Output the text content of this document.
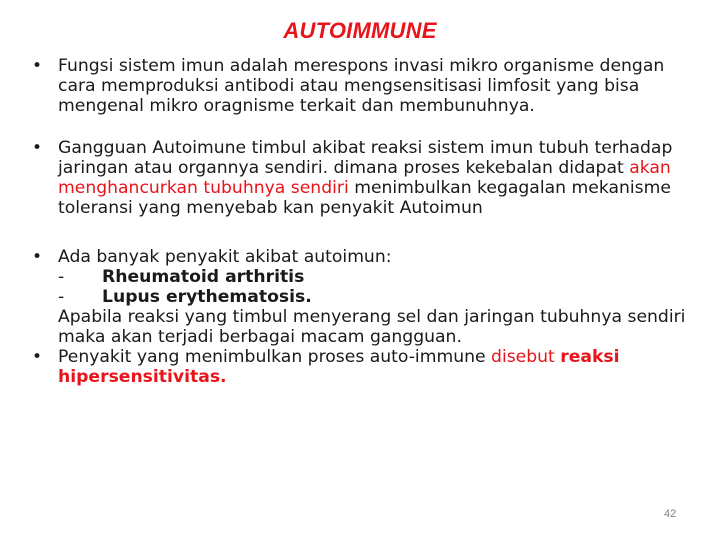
AUTOIMMUNE
• Fungsi sistem imun adalah merespons invasi mikro organisme dengan cara memproduksi antibodi atau mengsensitisasi limfosit yang bisa mengenal mikro oragnisme terkait dan membunuhnya.
• Gangguan Autoimune timbul akibat reaksi sistem imun tubuh terhadap jaringan atau organnya sendiri. dimana proses kekebalan didapat akan menghancurkan tubuhnya sendiri menimbulkan kegagalan mekanisme toleransi yang menyebab kan penyakit Autoimun
• Ada banyak penyakit akibat autoimun:
- Rheumatoid arthritis
- Lupus erythematosis.
Apabila reaksi yang timbul menyerang sel dan jaringan tubuhnya sendiri maka akan terjadi berbagai macam gangguan.
• Penyakit yang menimbulkan proses auto-immune disebut reaksi hipersensitivitas.
42
